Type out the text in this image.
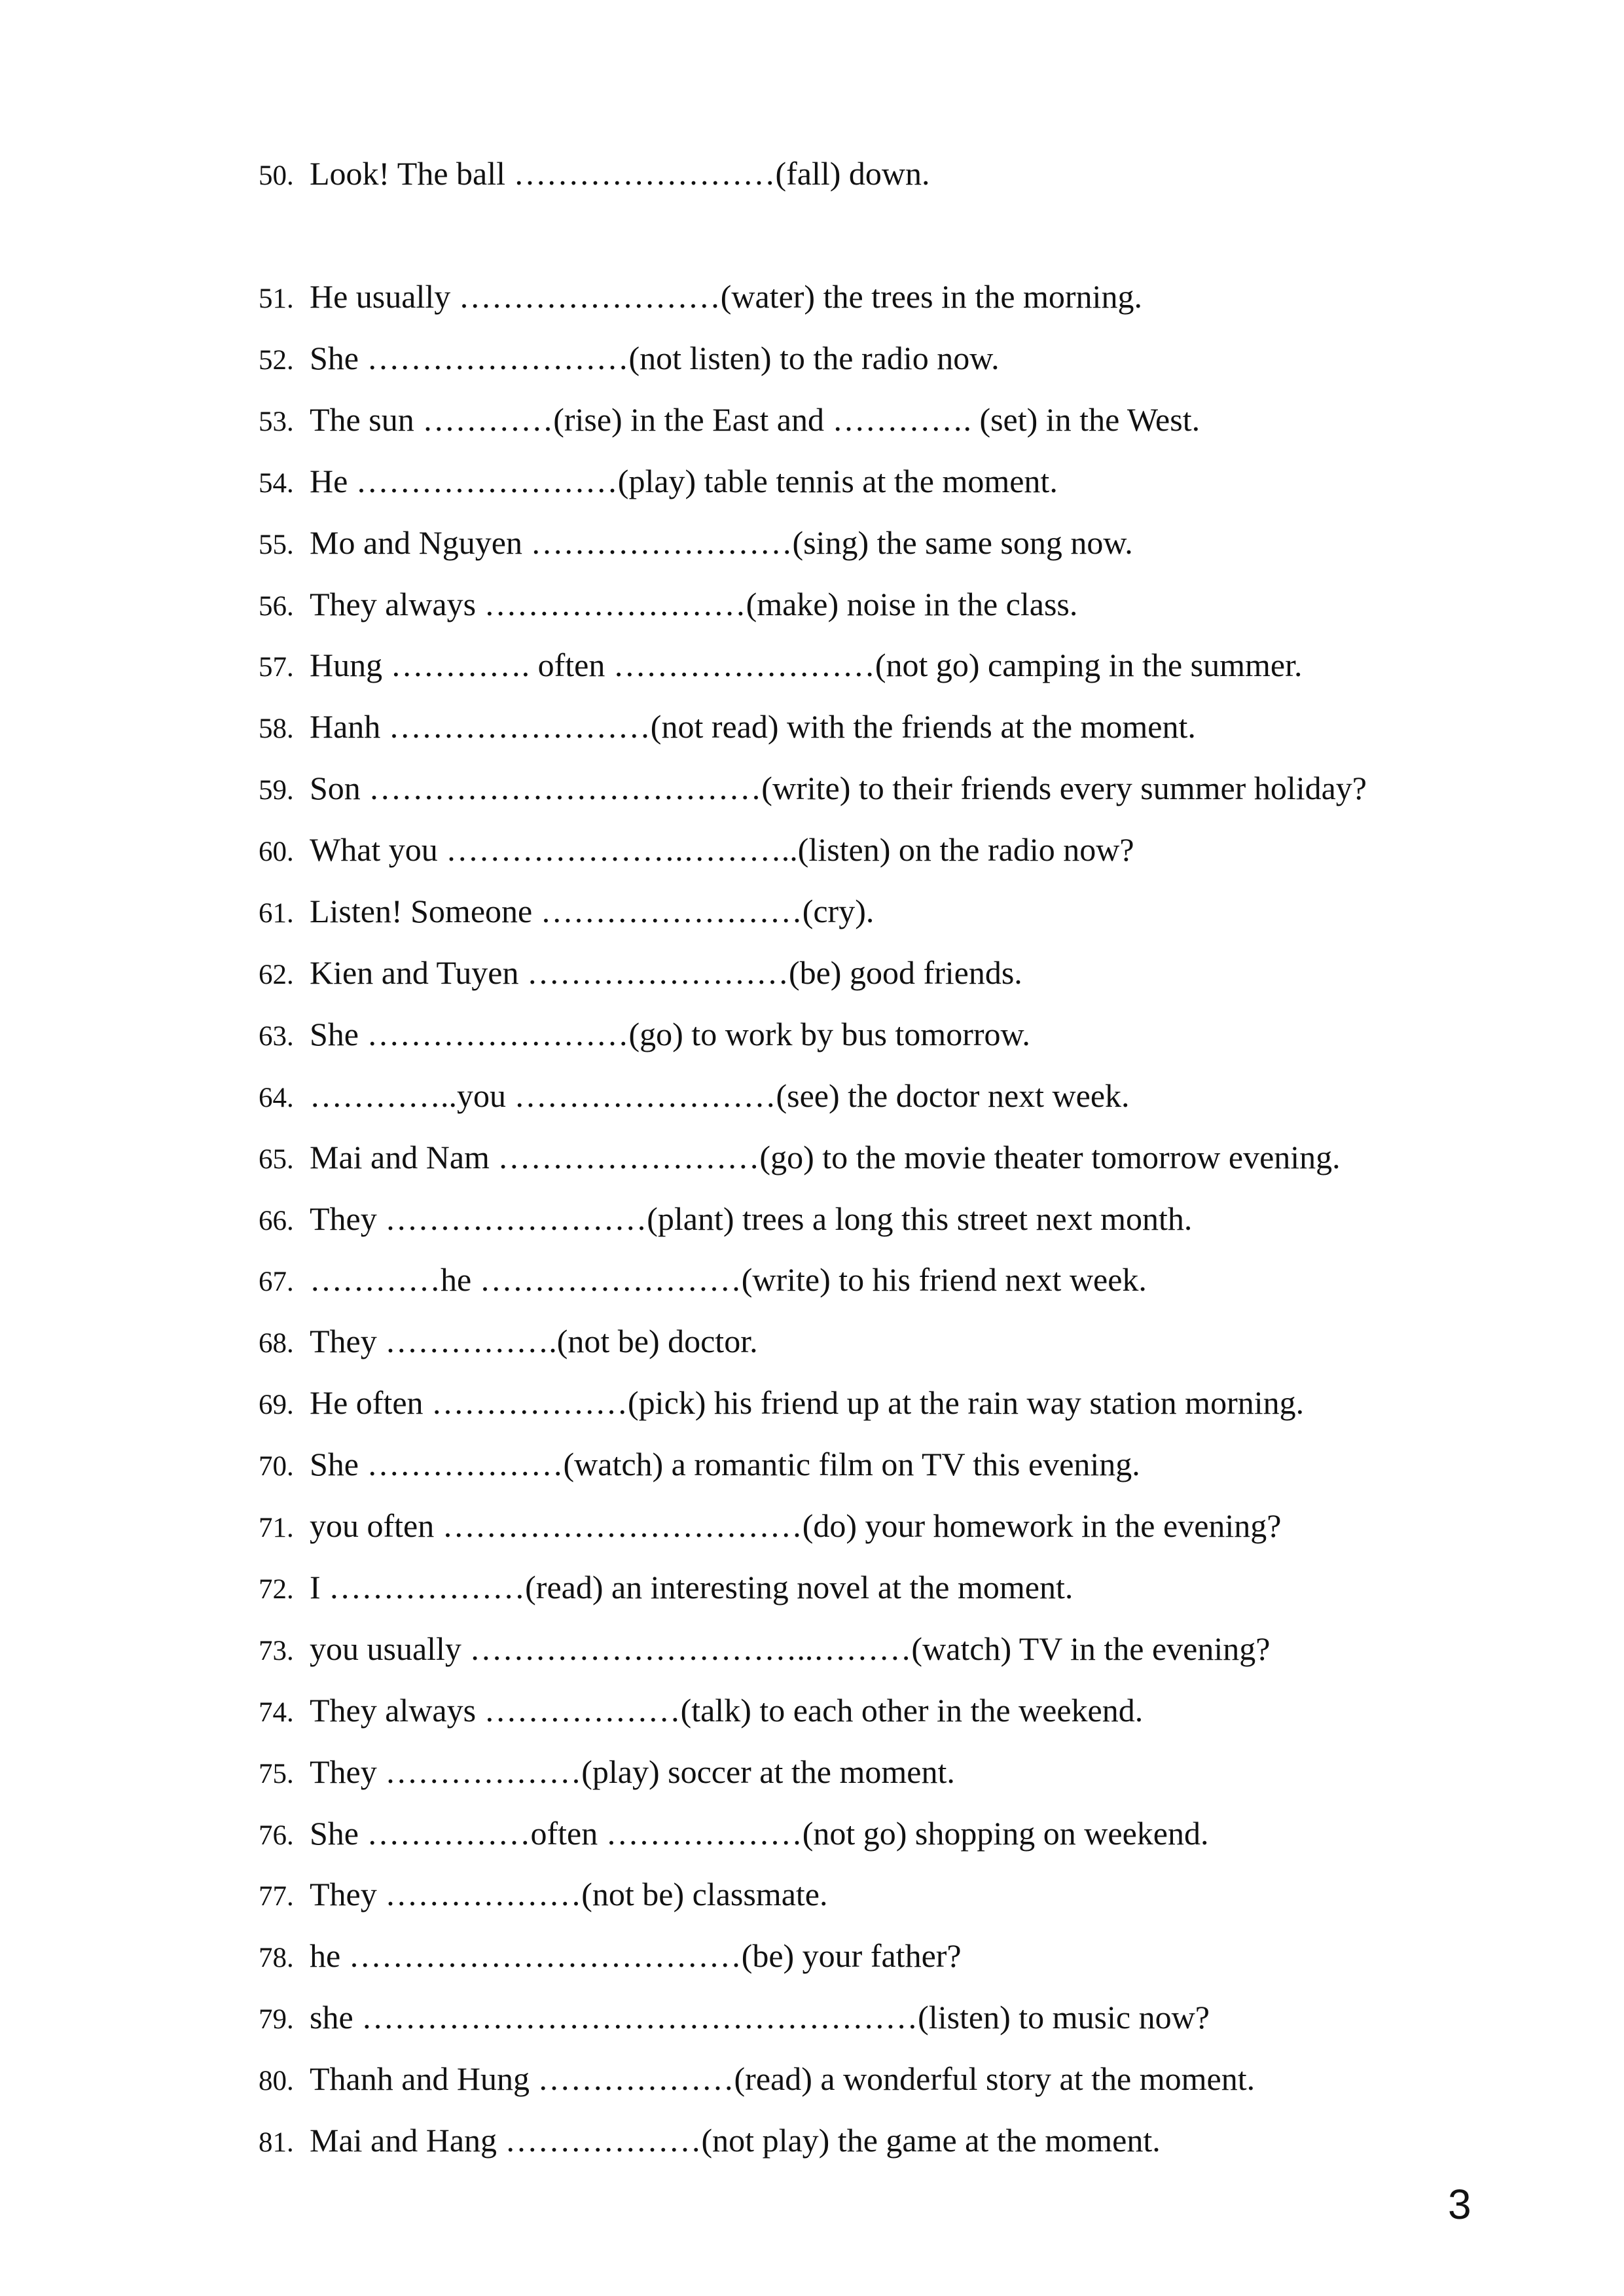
50. Look! The ball ……………………(fall) down.
51. He usually ……………………(water) the trees in the morning.
52. She ……………………(not listen) to the radio now.
53. The sun …………(rise) in the East and …………. (set) in the West.
54. He ……………………(play) table tennis at the moment.
55. Mo and Nguyen ……………………(sing) the same song now.
56. They always ……………………(make) noise in the class.
57. Hung …………. often ……………………(not go) camping in the summer.
58. Hanh ……………………(not read) with the friends at the moment.
59. Son ………………………………(write) to their friends every summer holiday?
60. What you ………………….………..(listen) on the radio now?
61. Listen! Someone ……………………(cry).
62. Kien and Tuyen ……………………(be) good friends.
63. She ……………………(go) to work by bus tomorrow.
64. …………..you ……………………(see) the doctor next week.
65. Mai and Nam ……………………(go) to the movie theater tomorrow evening.
66. They ……………………(plant) trees a long this street next month.
67. …………he ……………………(write) to his friend next week.
68. They …………….(not be) doctor.
69. He often ………………(pick) his friend up at the rain way station morning.
70. She ………………(watch) a romantic film on TV this evening.
71. you often ……………………………(do) your homework in the evening?
72. I ………………(read) an interesting novel at the moment.
73. you usually …………………………..………(watch) TV in the evening?
74. They always ………………(talk) to each other in the weekend.
75. They ………………(play) soccer at the moment.
76. She ……………often ………………(not go) shopping on weekend.
77. They ………………(not be) classmate.
78. he ………………………………(be) your father?
79. she ……………………………………………(listen) to music now?
80. Thanh and Hung ………………(read) a wonderful story at the moment.
81. Mai and Hang ………………(not play) the game at the moment.
3
